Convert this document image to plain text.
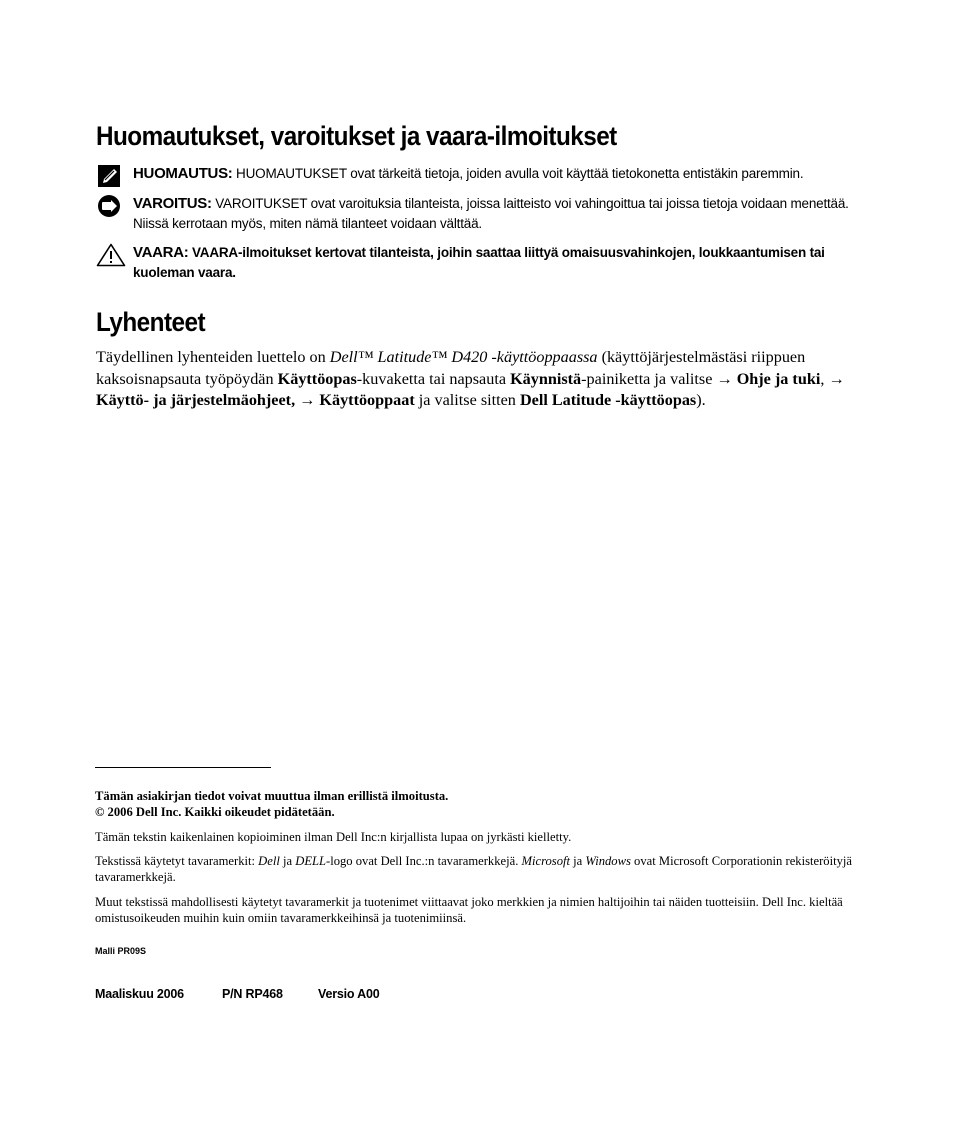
Huomautukset, varoitukset ja vaara-ilmoitukset
HUOMAUTUS: HUOMAUTUKSET ovat tärkeitä tietoja, joiden avulla voit käyttää tietokonetta entistäkin paremmin.
VAROITUS: VAROITUKSET ovat varoituksia tilanteista, joissa laitteisto voi vahingoittua tai joissa tietoja voidaan menettää. Niissä kerrotaan myös, miten nämä tilanteet voidaan välttää.
VAARA: VAARA-ilmoitukset kertovat tilanteista, joihin saattaa liittyä omaisuusvahinkojen, loukkaantumisen tai kuoleman vaara.
Lyhenteet

Täydellinen lyhenteiden luettelo on Dell™ Latitude™ D420 -käyttöoppaassa (käyttöjärjestelmästäsi riippuen kaksoisnapsauta työpöydän Käyttöopas-kuvaketta tai napsauta Käynnistä-painiketta ja valitse → Ohje ja tuki, → Käyttö- ja järjestelmäohjeet, → Käyttöoppaat ja valitse sitten Dell Latitude -käyttöopas).

Tämän asiakirjan tiedot voivat muuttua ilman erillistä ilmoitusta.
© 2006 Dell Inc. Kaikki oikeudet pidätetään.

Tämän tekstin kaikenlainen kopioiminen ilman Dell Inc:n kirjallista lupaa on jyrkästi kielletty.

Tekstissä käytetyt tavaramerkit: Dell ja DELL-logo ovat Dell Inc.:n tavaramerkkejä. Microsoft ja Windows ovat Microsoft Corporationin rekisteröityjä tavaramerkkejä.

Muut tekstissä mahdollisesti käytetyt tavaramerkit ja tuotenimet viittaavat joko merkkien ja nimien haltijoihin tai näiden tuotteisiin. Dell Inc. kieltää omistusoikeuden muihin kuin omiin tavaramerkkeihinsä ja tuotenimiinsä.

Malli PR09S
Maaliskuu 2006	P/N RP468	Versio A00
